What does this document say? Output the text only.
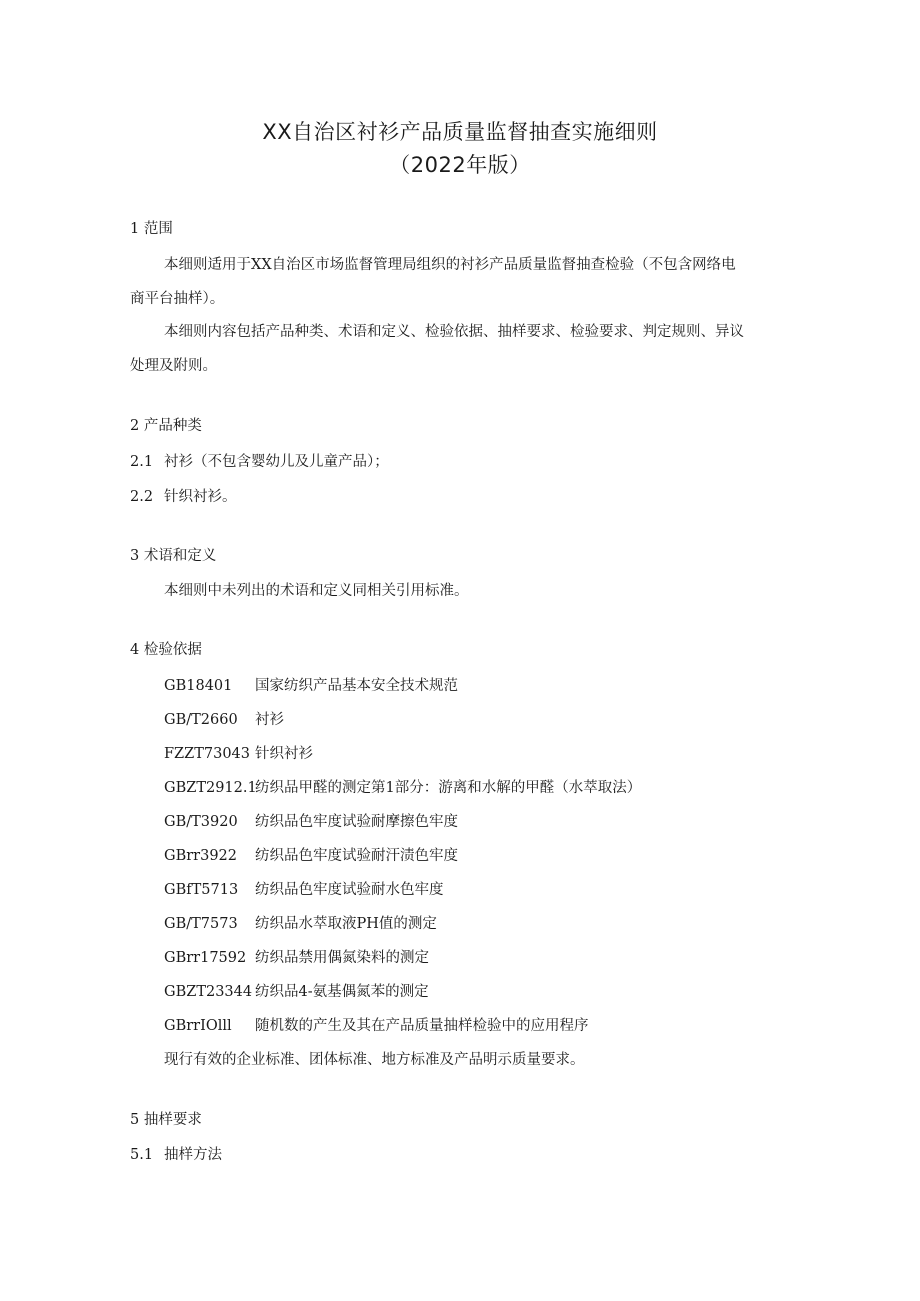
XX自治区衬衫产品质量监督抽查实施细则
（2022年版）
1 范围
本细则适用于XX自治区市场监督管理局组织的衬衫产品质量监督抽查检验（不包含网络电
商平台抽样）。
本细则内容包括产品种类、术语和定义、检验依据、抽样要求、检验要求、判定规则、异议
处理及附则。
2 产品种类
2.1 衬衫（不包含婴幼儿及儿童产品）；
2.2 针织衬衫。
3 术语和定义
本细则中未列出的术语和定义同相关引用标准。
4 检验依据
GB18401 国家纺织产品基本安全技术规范
GB/T2660 衬衫
FZZT73043 针织衬衫
GBZT2912.1纺织品甲醛的测定第1部分：游离和水解的甲醛（水萃取法）
GB/T3920 纺织品色牢度试验耐摩擦色牢度
GBrr3922 纺织品色牢度试验耐汗渍色牢度
GBfT5713 纺织品色牢度试验耐水色牢度
GB/T7573 纺织品水萃取液PH值的测定
GBrr17592 纺织品禁用偶氮染料的测定
GBZT23344 纺织品4-氨基偶氮苯的测定
GBrrIOlll 随机数的产生及其在产品质量抽样检验中的应用程序
现行有效的企业标准、团体标准、地方标准及产品明示质量要求。
5 抽样要求
5.1 抽样方法
